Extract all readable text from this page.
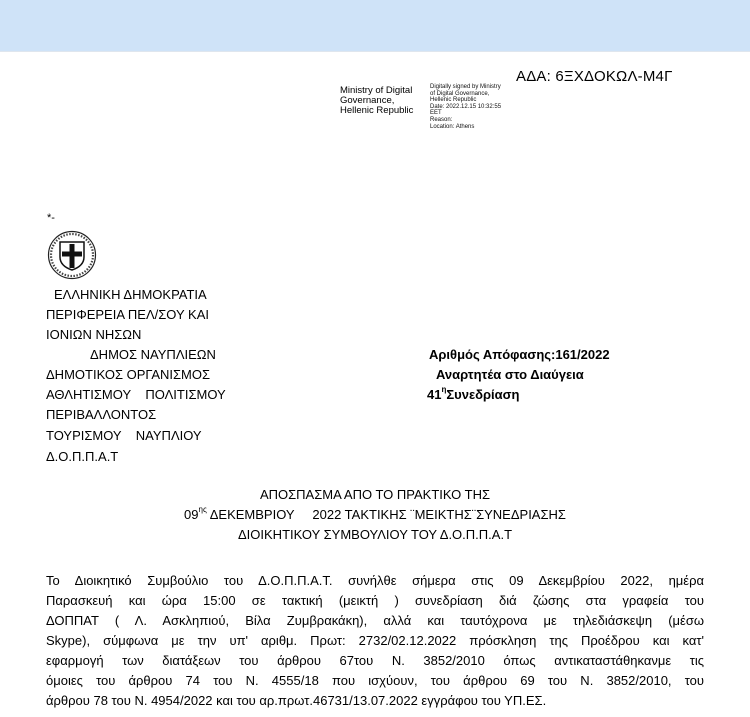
ΑΔΑ: 6ΞΧΔΟΚΩΛ-Μ4Γ
Ministry of Digital
Governance,
Hellenic Republic
Digitally signed by Ministry
of Digital Governance,
Hellenic Republic
Date: 2022.12.15 10:32:55
EET
Reason:
Location: Athens
*-
ΕΛΛΗΝΙΚΗ ΔΗΜΟΚΡΑΤΙΑ
ΠΕΡΙΦΕΡΕΙΑ ΠΕΛ/ΣΟΥ ΚΑΙ
ΙΟΝΙΩΝ ΝΗΣΩΝ
ΔΗΜΟΣ ΝΑΥΠΛΙΕΩΝ
ΔΗΜΟΤΙΚΟΣ ΟΡΓΑΝΙΣΜΟΣ
ΑΘΛΗΤΙΣΜΟΥ    ΠΟΛΙΤΙΣΜΟΥ
ΠΕΡΙΒΑΛΛΟΝΤΟΣ
ΤΟΥΡΙΣΜΟΥ    ΝΑΥΠΛΙΟΥ
Δ.Ο.Π.Π.Α.Τ
Αριθμός Απόφασης:161/2022
Αναρτητέα στο Διαύγεια
$41^\eta\Sigma\upsilon\nu\varepsilon\delta\rho ί\alpha\sigma\eta$
ΑΠΟΣΠΑΣΜΑ ΑΠΟ ΤΟ ΠΡΑΚΤΙΚΟ ΤΗΣ
$09^{\eta\varsigma}$ ΔΕΚΕΜΒΡΙΟΥ     2022 ΤΑΚΤΙΚΗΣ ¨ΜΕΙΚΤΗΣ¨ΣΥΝΕΔΡΙΑΣΗΣ
ΔΙΟΙΚΗΤΙΚΟΥ ΣΥΜΒΟΥΛΙΟΥ ΤΟΥ Δ.Ο.Π.Π.Α.Τ
Το Διοικητικό Συμβούλιο του Δ.Ο.Π.Π.Α.Τ. συνήλθε σήμερα στις 09 Δεκεμβρίου 2022, ημέρα
Παρασκευή και ώρα 15:00 σε τακτική (μεικτή ) συνεδρίαση διά ζώσης στα γραφεία του
ΔΟΠΠΑΤ ( Λ. Ασκληπιού, Βίλα Ζυμβρακάκη), αλλά και ταυτόχρονα με τηλεδιάσκεψη (μέσω
Skype), σύμφωνα με την υπ' αριθμ. Πρωτ: 2732/02.12.2022 πρόσκληση της Προέδρου και κατ'
εφαρμογή των διατάξεων του άρθρου 67του Ν. 3852/2010 όπως αντικαταστάθηκανμε τις
όμοιες του άρθρου 74 του Ν. 4555/18 που ισχύουν, του άρθρου 69 του Ν. 3852/2010, του
άρθρου 78 του Ν. 4954/2022 και του αρ.πρωτ.46731/13.07.2022 εγγράφου του ΥΠ.ΕΣ.
